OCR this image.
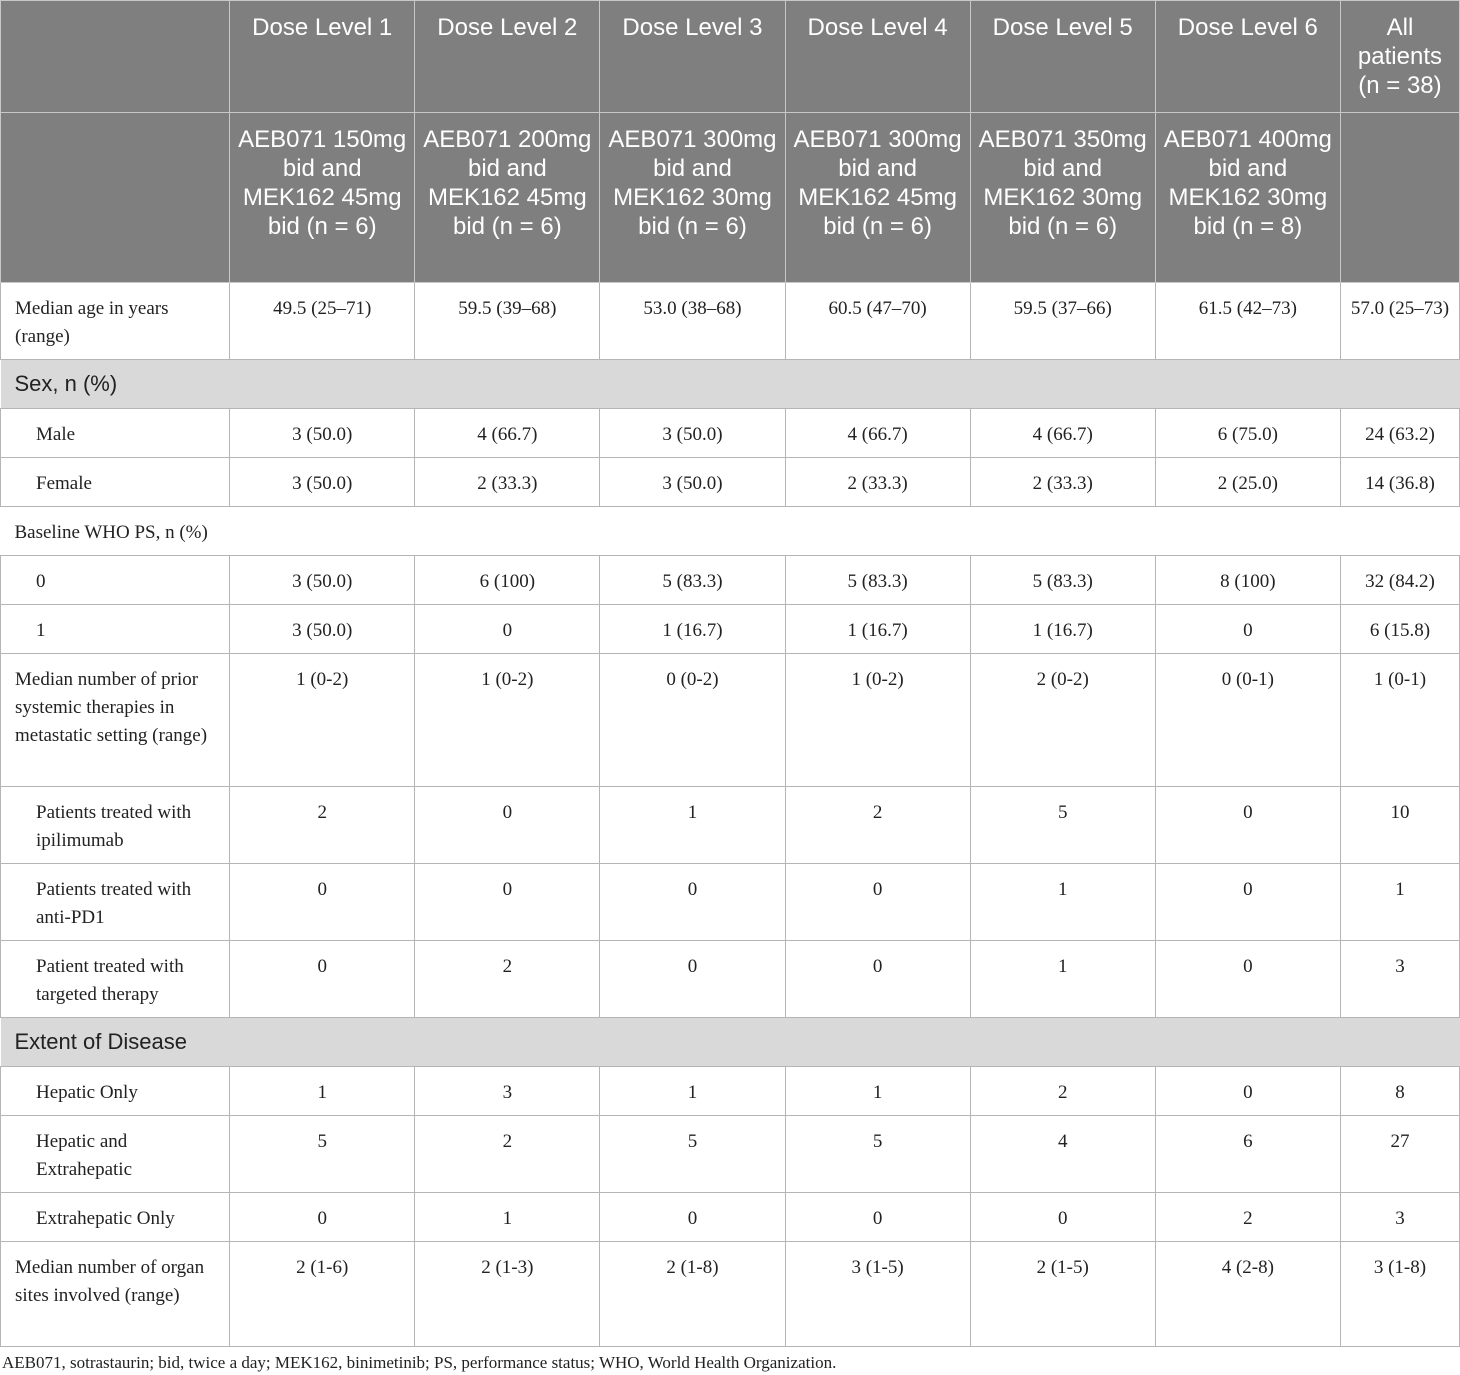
	Dose Level 1	Dose Level 2	Dose Level 3	Dose Level 4	Dose Level 5	Dose Level 6	All patients (n = 38)
	AEB071 150mg bid and MEK162 45mg bid (n = 6)	AEB071 200mg bid and MEK162 45mg bid (n = 6)	AEB071 300mg bid and MEK162 30mg bid (n = 6)	AEB071 300mg bid and MEK162 45mg bid (n = 6)	AEB071 350mg bid and MEK162 30mg bid (n = 6)	AEB071 400mg bid and MEK162 30mg bid (n = 8)	
Median age in years (range)	49.5 (25–71)	59.5 (39–68)	53.0 (38–68)	60.5 (47–70)	59.5 (37–66)	61.5 (42–73)	57.0 (25–73)
Sex, n (%)							
Male	3 (50.0)	4 (66.7)	3 (50.0)	4 (66.7)	4 (66.7)	6 (75.0)	24 (63.2)
Female	3 (50.0)	2 (33.3)	3 (50.0)	2 (33.3)	2 (33.3)	2 (25.0)	14 (36.8)
Baseline WHO PS, n (%)							
0	3 (50.0)	6 (100)	5 (83.3)	5 (83.3)	5 (83.3)	8 (100)	32 (84.2)
1	3 (50.0)	0	1 (16.7)	1 (16.7)	1 (16.7)	0	6 (15.8)
Median number of prior systemic therapies in metastatic setting (range)	1 (0-2)	1 (0-2)	0 (0-2)	1 (0-2)	2 (0-2)	0 (0-1)	1 (0-1)
Patients treated with ipilimumab	2	0	1	2	5	0	10
Patients treated with anti-PD1	0	0	0	0	1	0	1
Patient treated with targeted therapy	0	2	0	0	1	0	3
Extent of Disease							
Hepatic Only	1	3	1	1	2	0	8
Hepatic and Extrahepatic	5	2	5	5	4	6	27
Extrahepatic Only	0	1	0	0	0	2	3
Median number of organ sites involved (range)	2 (1-6)	2 (1-3)	2 (1-8)	3 (1-5)	2 (1-5)	4 (2-8)	3 (1-8)
AEB071, sotrastaurin; bid, twice a day; MEK162, binimetinib; PS, performance status; WHO, World Health Organization.
